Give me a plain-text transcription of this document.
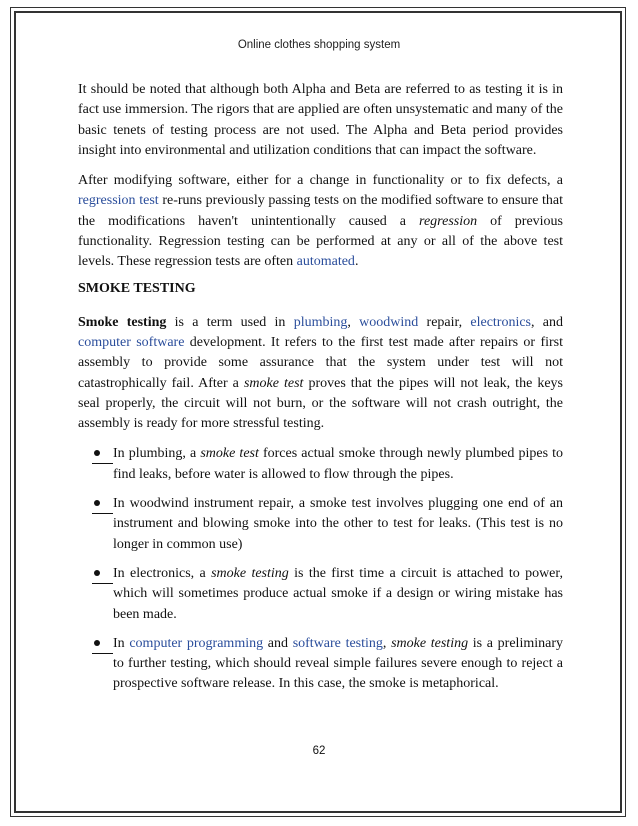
Online clothes shopping system

It should be noted that although both Alpha and Beta are referred to as testing it is in fact use immersion. The rigors that are applied are often unsystematic and many of the basic tenets of testing process are not used. The Alpha and Beta period provides insight into environmental and utilization conditions that can impact the software.

After modifying software, either for a change in functionality or to fix defects, a regression test re-runs previously passing tests on the modified software to ensure that the modifications haven't unintentionally caused a regression of previous functionality. Regression testing can be performed at any or all of the above test levels. These regression tests are often automated.

SMOKE TESTING

Smoke testing is a term used in plumbing, woodwind repair, electronics, and computer software development. It refers to the first test made after repairs or first assembly to provide some assurance that the system under test will not catastrophically fail. After a smoke test proves that the pipes will not leak, the keys seal properly, the circuit will not burn, or the software will not crash outright, the assembly is ready for more stressful testing.

In plumbing, a smoke test forces actual smoke through newly plumbed pipes to find leaks, before water is allowed to flow through the pipes.
In woodwind instrument repair, a smoke test involves plugging one end of an instrument and blowing smoke into the other to test for leaks. (This test is no longer in common use)
In electronics, a smoke testing is the first time a circuit is attached to power, which will sometimes produce actual smoke if a design or wiring mistake has been made.
In computer programming and software testing, smoke testing is a preliminary to further testing, which should reveal simple failures severe enough to reject a prospective software release. In this case, the smoke is metaphorical.
62
